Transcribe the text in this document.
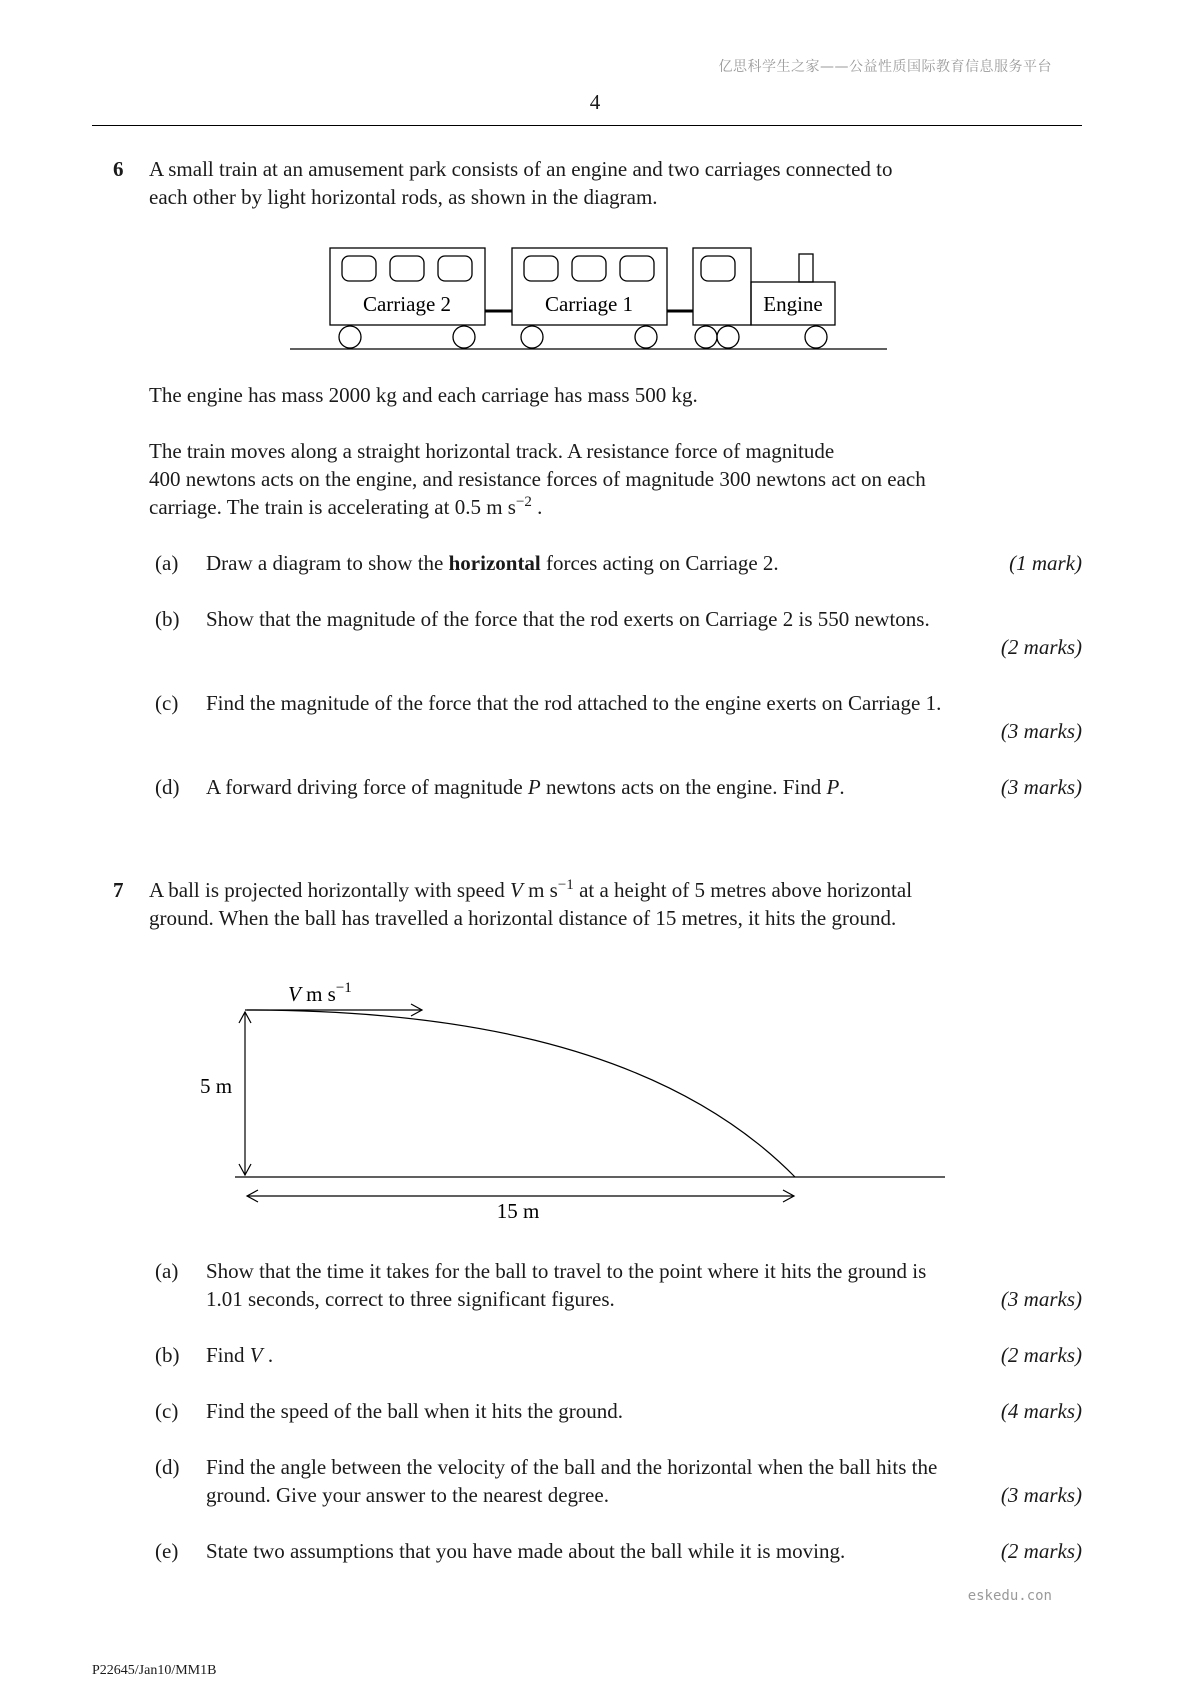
亿思科学生之家——公益性质国际教育信息服务平台
4
6 A small train at an amusement park consists of an engine and two carriages connected to
each other by light horizontal rods, as shown in the diagram.
Carriage 2	Carriage 1	Engine
The engine has mass 2000 kg and each carriage has mass 500 kg.
The train moves along a straight horizontal track. A resistance force of magnitude
400 newtons acts on the engine, and resistance forces of magnitude 300 newtons act on each
carriage. The train is accelerating at 0.5 m $s^{-2}$ .
(a) Draw a diagram to show the horizontal forces acting on Carriage 2.	(1 mark)
(b) Show that the magnitude of the force that the rod exerts on Carriage 2 is 550 newtons.
(2 marks)
(c) Find the magnitude of the force that the rod attached to the engine exerts on Carriage 1.
(3 marks)
(d) A forward driving force of magnitude P newtons acts on the engine. Find P.	(3 marks)
7 A ball is projected horizontally with speed V m $s^{-1}$ at a height of 5 metres above horizontal
ground. When the ball has travelled a horizontal distance of 15 metres, it hits the ground.
V m $s^{-1}$
5 m
15 m
(a) Show that the time it takes for the ball to travel to the point where it hits the ground is
1.01 seconds, correct to three significant figures.	(3 marks)
(b) Find V .	(2 marks)
(c) Find the speed of the ball when it hits the ground.	(4 marks)
(d) Find the angle between the velocity of the ball and the horizontal when the ball hits the
ground. Give your answer to the nearest degree.	(3 marks)
(e) State two assumptions that you have made about the ball while it is moving.	(2 marks)
eskedu.con
P22645/Jan10/MM1B
